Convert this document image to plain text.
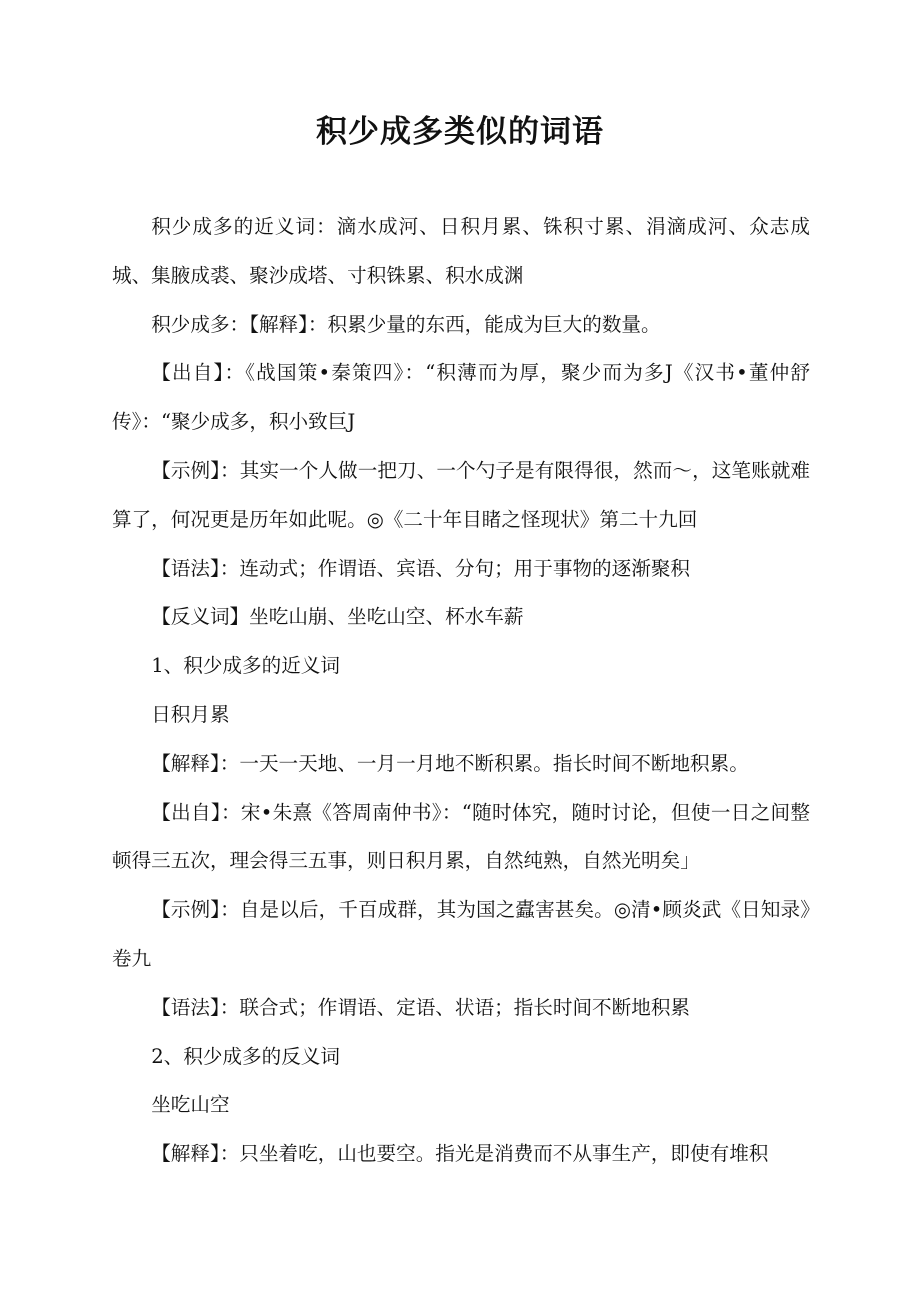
积少成多类似的词语

积少成多的近义词：滴水成河、日积月累、铢积寸累、涓滴成河、众志成城、集腋成裘、聚沙成塔、寸积铢累、积水成渊

积少成多：【解释】：积累少量的东西，能成为巨大的数量。

【出自】：《战国策•秦策四》：“积薄而为厚，聚少而为多J《汉书•董仲舒传》：“聚少成多，积小致巨J

【示例】：其实一个人做一把刀、一个勺子是有限得很，然而～，这笔账就难算了，何况更是历年如此呢。◎《二十年目睹之怪现状》第二十九回

【语法】：连动式；作谓语、宾语、分句；用于事物的逐渐聚积

【反义词】坐吃山崩、坐吃山空、杯水车薪

1、积少成多的近义词

日积月累

【解释】：一天一天地、一月一月地不断积累。指长时间不断地积累。

【出自】：宋•朱熹《答周南仲书》：“随时体究，随时讨论，但使一日之间整顿得三五次，理会得三五事，则日积月累，自然纯熟，自然光明矣」

【示例】：自是以后，千百成群，其为国之蠹害甚矣。◎清•顾炎武《日知录》卷九

【语法】：联合式；作谓语、定语、状语；指长时间不断地积累

2、积少成多的反义词

坐吃山空

【解释】：只坐着吃，山也要空。指光是消费而不从事生产，即使有堆积
